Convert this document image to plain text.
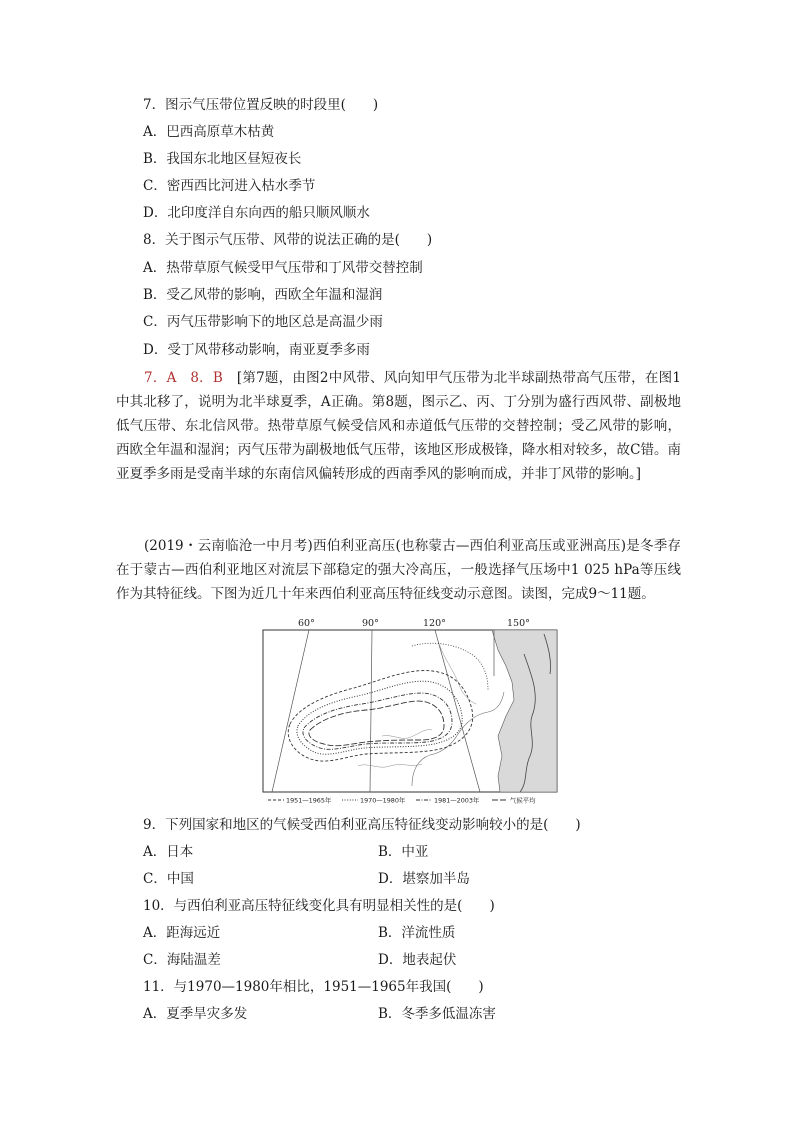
7．图示气压带位置反映的时段里(　　)
A．巴西高原草木枯黄
B．我国东北地区昼短夜长
C．密西西比河进入枯水季节
D．北印度洋自东向西的船只顺风顺水
8．关于图示气压带、风带的说法正确的是(　　)
A．热带草原气候受甲气压带和丁风带交替控制
B．受乙风带的影响，西欧全年温和湿润
C．丙气压带影响下的地区总是高温少雨
D．受丁风带移动影响，南亚夏季多雨
7．A　8．B　 [第7题，由图2中风带、风向知甲气压带为北半球副热带高气压带，在图1中其北移了，说明为北半球夏季，A正确。第8题，图示乙、丙、丁分别为盛行西风带、副极地低气压带、东北信风带。热带草原气候受信风和赤道低气压带的交替控制；受乙风带的影响，西欧全年温和湿润；丙气压带为副极地低气压带，该地区形成极锋，降水相对较多，故C错。南亚夏季多雨是受南半球的东南信风偏转形成的西南季风的影响而成，并非丁风带的影响。]
(2019・云南临沧一中月考)西伯利亚高压(也称蒙古—西伯利亚高压或亚洲高压)是冬季存在于蒙古—西伯利亚地区对流层下部稳定的强大冷高压，一般选择气压场中1 025 hPa等压线作为其特征线。下图为近几十年来西伯利亚高压特征线变动示意图。读图，完成9～11题。
60°	90°	120°	150°
1951—1965年	1970—1980年	1981—2003年	气候平均
9．下列国家和地区的气候受西伯利亚高压特征线变动影响较小的是(　　)
A．日本	B．中亚
C．中国	D．堪察加半岛
10．与西伯利亚高压特征线变化具有明显相关性的是(　　)
A．距海远近	B．洋流性质
C．海陆温差	D．地表起伏
11．与1970—1980年相比，1951—1965年我国(　　)
A．夏季旱灾多发	B．冬季多低温冻害
